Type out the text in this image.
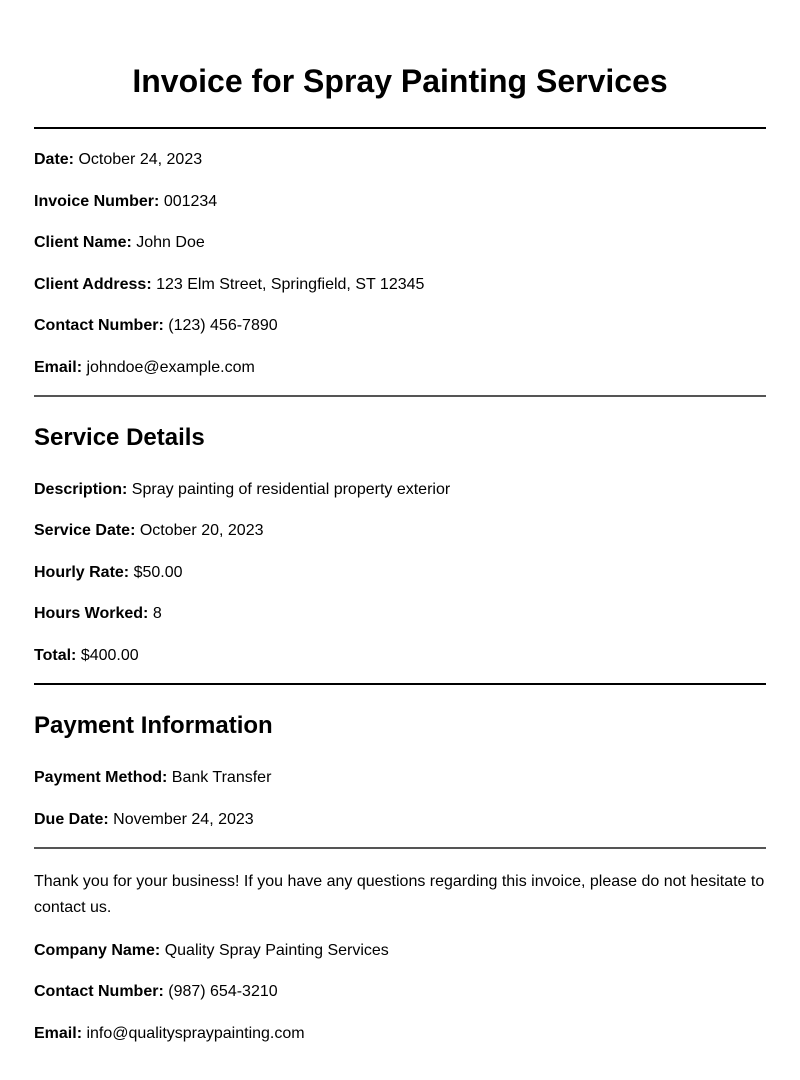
Invoice for Spray Painting Services

Date: October 24, 2023

Invoice Number: 001234

Client Name: John Doe

Client Address: 123 Elm Street, Springfield, ST 12345

Contact Number: (123) 456-7890

Email: johndoe@example.com

Service Details

Description: Spray painting of residential property exterior

Service Date: October 20, 2023

Hourly Rate: $50.00

Hours Worked: 8

Total: $400.00

Payment Information

Payment Method: Bank Transfer

Due Date: November 24, 2023

Thank you for your business! If you have any questions regarding this invoice, please do not hesitate to contact us.

Company Name: Quality Spray Painting Services

Contact Number: (987) 654-3210

Email: info@qualityspraypainting.com
